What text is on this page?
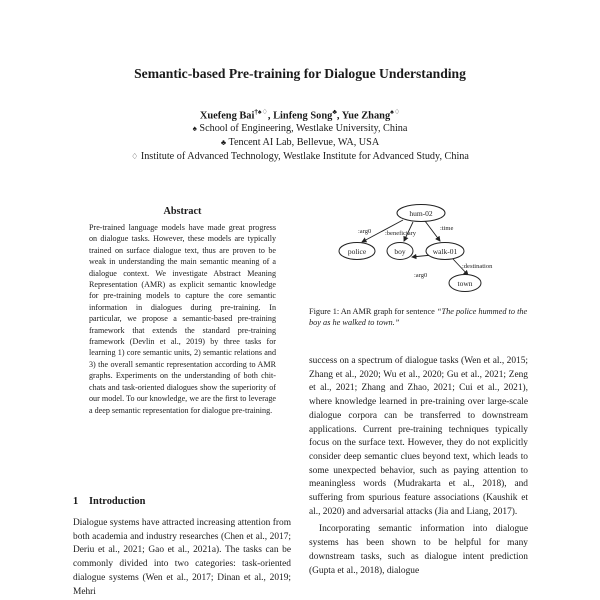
Semantic-based Pre-training for Dialogue Understanding
Xuefeng Bai†♠♢, Linfeng Song♣, Yue Zhang♠♢
♠ School of Engineering, Westlake University, China
♣ Tencent AI Lab, Bellevue, WA, USA
♢ Institute of Advanced Technology, Westlake Institute for Advanced Study, China
Abstract
Pre-trained language models have made great progress on dialogue tasks. However, these models are typically trained on surface dialogue text, thus are proven to be weak in understanding the main semantic meaning of a dialogue context. We investigate Abstract Meaning Representation (AMR) as explicit semantic knowledge for pre-training models to capture the core semantic information in dialogues during pre-training. In particular, we propose a semantic-based pre-training framework that extends the standard pre-training framework (Devlin et al., 2019) by three tasks for learning 1) core semantic units, 2) semantic relations and 3) the overall semantic representation according to AMR graphs. Experiments on the understanding of both chit-chats and task-oriented dialogues show the superiority of our model. To our knowledge, we are the first to leverage a deep semantic representation for dialogue pre-training.
1 Introduction

Dialogue systems have attracted increasing attention from both academia and industry researches (Chen et al., 2017; Deriu et al., 2021; Gao et al., 2021a). The tasks can be commonly divided into two categories: task-oriented dialogue systems (Wen et al., 2017; Dinan et al., 2019; Mehri

hum-02
police	boy	walk-01
town
:arg0 :beneficiary
:time
:arg0
:destination
Figure 1: An AMR graph for sentence “The police hummed to the boy as he walked to town.”

success on a spectrum of dialogue tasks (Wen et al., 2015; Zhang et al., 2020; Wu et al., 2020; Gu et al., 2021; Zeng et al., 2021; Zhang and Zhao, 2021; Cui et al., 2021), where knowledge learned in pre-training over large-scale dialogue corpora can be transferred to downstream applications. Current pre-training techniques typically focus on the surface text. However, they do not explicitly consider deep semantic clues beyond text, which leads to some unexpected behavior, such as paying attention to meaningless words (Mudrakarta et al., 2018), and suffering from spurious feature associations (Kaushik et al., 2020) and adversarial attacks (Jia and Liang, 2017).

Incorporating semantic information into dialogue systems has been shown to be helpful for many downstream tasks, such as dialogue intent prediction (Gupta et al., 2018), dialogue
